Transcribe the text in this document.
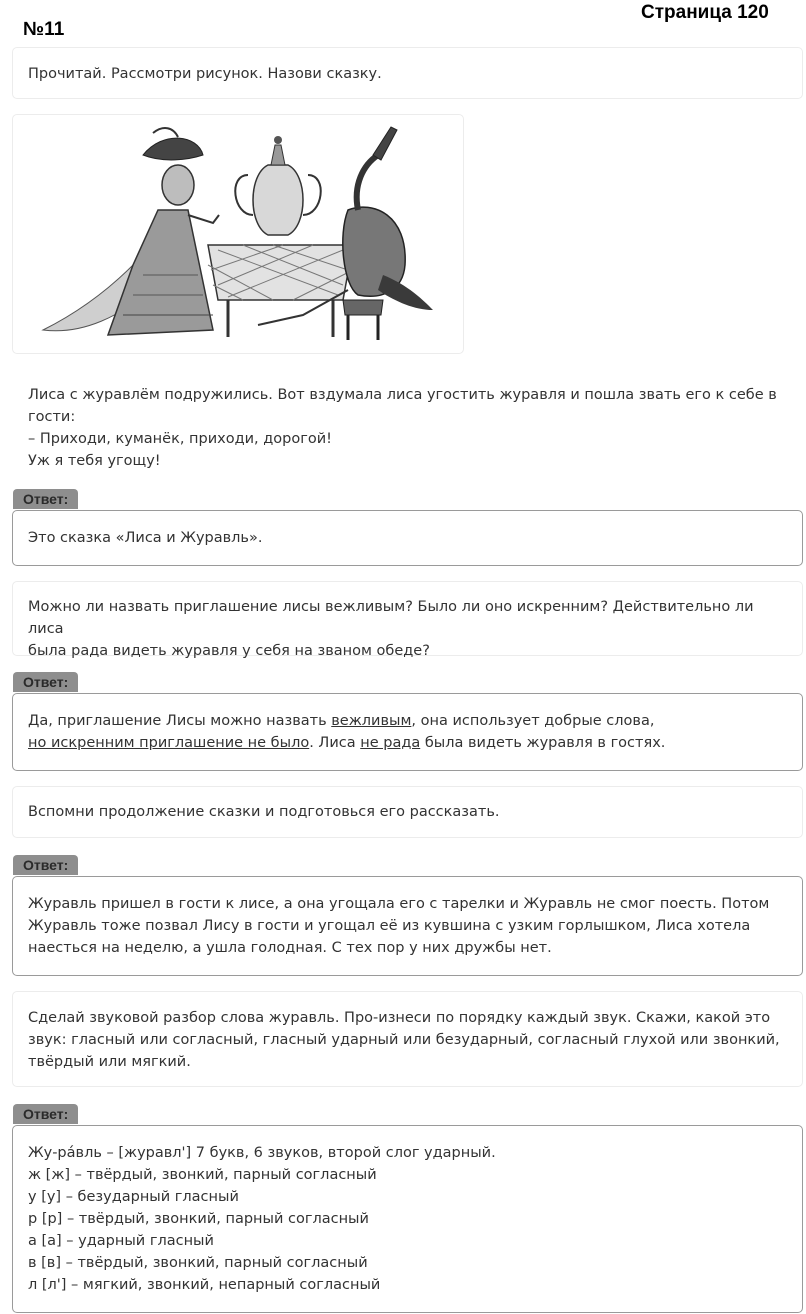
Страница 120
№11

Прочитай. Рассмотри рисунок. Назови сказку.

Лиса с журавлём подружились. Вот вздумала лиса угостить журавля и пошла звать его к себе в

гости:

– Приходи, куманёк, приходи, дорогой!

Уж я тебя угощу!

Ответ:

Это сказка «Лиса и Журавль».

Можно ли назвать приглашение лисы вежливым? Было ли оно искренним? Действительно ли лиса

была рада видеть журавля у себя на званом обеде?

Ответ:

Да, приглашение Лисы можно назвать вежливым, она использует добрые слова,

но искренним приглашение не было. Лиса не рада была видеть журавля в гостях.

Вспомни продолжение сказки и подготовься его рассказать.

Ответ:

Журавль пришел в гости к лисе, а она угощала его с тарелки и Журавль не смог поесть. Потом

Журавль тоже позвал Лису в гости и угощал её из кувшина с узким горлышком, Лиса хотела

наесться на неделю, а ушла голодная. С тех пор у них дружбы нет.

Сделай звуковой разбор слова журавль. Про-изнеси по порядку каждый звук. Скажи, какой это

звук: гласный или согласный, гласный ударный или безударный, согласный глухой или звонкий,

твёрдый или мягкий.

Ответ:

Жу-ра́вль – [журавл'] 7 букв, 6 звуков, второй слог ударный.

ж [ж] – твёрдый, звонкий, парный согласный

у [у] – безударный гласный

р [р] – твёрдый, звонкий, парный согласный

а [а] – ударный гласный

в [в] – твёрдый, звонкий, парный согласный

л [л'] – мягкий, звонкий, непарный согласный
